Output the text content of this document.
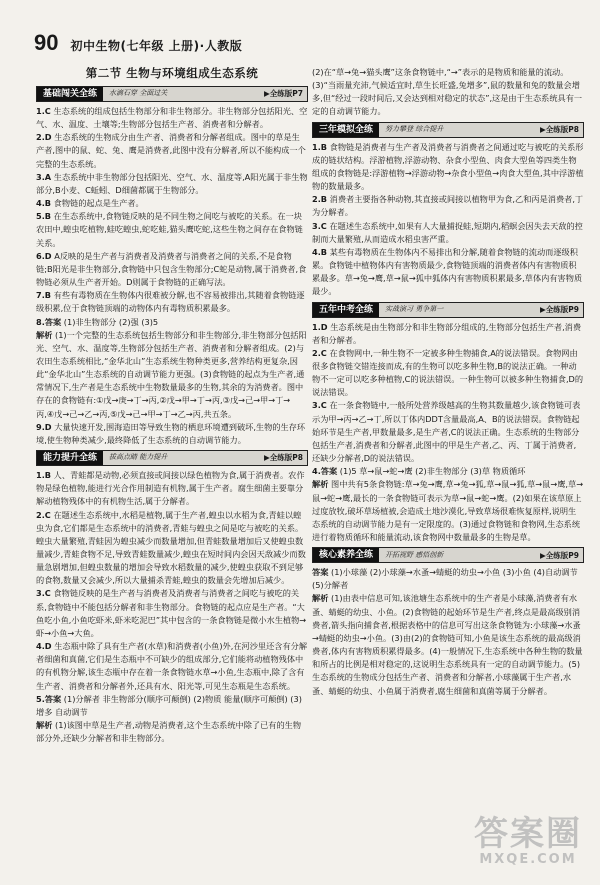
90 初中生物(七年级 上册)·人教版
第二节 生物与环境组成生态系统
基础闯关全练	水滴石穿 全面过关	▶全练版P7

1.C 生态系统的组成包括生物部分和非生物部分。非生物部分包括阳光、空气、水、温度、土壤等;生物部分包括生产者、消费者和分解者。

2.D 生态系统的生物成分由生产者、消费者和分解者组成。图中的草是生产者,图中的鼠、蛇、兔、鹰是消费者,此图中没有分解者,所以不能构成一个完整的生态系统。

3.A 生态系统中非生物部分包括阳光、空气、水、温度等,A阳光属于非生物部分,B小麦、C蚯蚓、D细菌都属于生物部分。

4.B 食物链的起点是生产者。

5.B 在生态系统中,食物链反映的是不同生物之间吃与被吃的关系。在一块农田中,蝗虫吃植物,蛙吃蝗虫,蛇吃蛙,猫头鹰吃蛇,这些生物之间存在食物链关系。

6.D A反映的是生产者与消费者及消费者与消费者之间的关系,不是食物链;B阳光是非生物部分,食物链中只包含生物部分;C蛇是动物,属于消费者,食物链必须从生产者开始。D则属于食物链的正确写法。

7.B 有些有毒物质在生物体内很难被分解,也不容易被排出,其随着食物链逐级积累,位于食物链顶端的动物体内有毒物质积累最多。

8.答案 (1)非生物部分 (2)强 (3)5

解析 (1)一个完整的生态系统包括生物部分和非生物部分,非生物部分包括阳光、空气、水、温度等,生物部分包括生产者、消费者和分解者组成。(2)与农田生态系统相比,“金华北山”生态系统生物种类更多,营养结构更复杂,因此“金华北山”生态系统的自动调节能力更强。(3)食物链的起点为生产者,通常情况下,生产者是生态系统中生物数量最多的生物,其余的为消费者。图中存在的食物链有:①戊→庚→丁→丙,②戊→甲→丁→丙,③戊→己→甲→丁→丙,④戊→己→乙→丙,⑤戊→己→甲→丁→乙→丙,共五条。

9.D 大量快速开发,围海造田等导致生物的栖息环境遭到破坏,生物的生存环境,使生物种类减少,最终降低了生态系统的自动调节能力。

能力提升全练	拔高点睛 能力提升	▶全练版P8

1.B 人、青蛙都是动物,必须直接或间接以绿色植物为食,属于消费者。农作物是绿色植物,能进行光合作用制造有机物,属于生产者。腐生细菌主要靠分解动植物残体中的有机物生活,属于分解者。

2.C 在题述生态系统中,水稻是植物,属于生产者,蝗虫以水稻为食,青蛙以蝗虫为食,它们都是生态系统中的消费者,青蛙与蝗虫之间是吃与被吃的关系。蝗虫大量繁殖,青蛙因为蝗虫减少而数量增加,但青蛙数量增加后又使蝗虫数量减少,青蛙食物不足,导致青蛙数量减少,蝗虫在短时间内会因天敌减少而数量急剧增加,但蝗虫数量的增加会导致水稻数量的减少,使蝗虫获取不到足够的食物,数量又会减少,所以大量捕杀青蛙,蝗虫的数量会先增加后减少。

3.C 食物链反映的是生产者与消费者及消费者与消费者之间吃与被吃的关系,食物链中不能包括分解者和非生物部分。食物链的起点应是生产者。“大鱼吃小鱼,小鱼吃虾米,虾米吃泥巴”其中包含的一条食物链是微小水生植物→虾→小鱼→大鱼。

4.D 生态瓶中除了具有生产者(水草)和消费者(小鱼)外,在河沙里还含有分解者细菌和真菌,它们是生态瓶中不可缺少的组成部分,它们能将动植物残体中的有机物分解,该生态瓶中存在着一条食物链水草→小鱼,生态瓶中,除了含有生产者、消费者和分解者外,还具有水、阳光等,可见生态瓶是生态系统。

5.答案 (1)分解者 非生物部分(顺序可颠倒) (2)物质 能量(顺序可颠倒) (3)增多 自动调节

解析 (1)该图中草是生产者,动物是消费者,这个生态系统中除了已有的生物部分外,还缺少分解者和非生物部分。

(2)在“草→兔→猫头鹰”这条食物链中,“→”表示的是物质和能量的流动。(3)“当雨量充沛,气候适宜时,草生长旺盛,兔增多”,鼠的数量和兔的数量会增多,但“经过一段时间后,又会达到相对稳定的状态”,这是由于生态系统具有一定的自动调节能力。

三年模拟全练	努力攀登 综合提升	▶全练版P8

1.B 食物链是消费者与生产者及消费者与消费者之间通过吃与被吃的关系形成的链状结构。浮游植物,浮游动物、杂食小型鱼、肉食大型鱼等四类生物组成的食物链是:浮游植物→浮游动物→杂食小型鱼→肉食大型鱼,其中浮游植物的数量最多。

2.B 消费者主要指各种动物,其直接或间接以植物甲为食,乙和丙是消费者,丁为分解者。

3.C 在题述生态系统中,如果有人大量捕捉蛙,短期内,稻螟会因失去天敌的控制而大量繁殖,从而造成水稻虫害严重。

4.B 某些有毒物质在生物体内不易排出和分解,随着食物链的流动而逐级积累。食物链中植物体内有害物质最少,食物链顶端的消费者体内有害物质积累最多。草→兔→鹰,草→鼠→狐中狐体内有害物质积累最多,草体内有害物质最少。

五年中考全练	实战演习 勇争第一	▶全练版P9

1.D 生态系统是由生物部分和非生物部分组成的,生物部分包括生产者,消费者和分解者。

2.C 在食物网中,一种生物不一定被多种生物捕食,A的说法错误。食物网由很多食物链交错连接而成,有的生物可以吃多种生物,B的说法正确。一种动物不一定可以吃多种植物,C的说法错误。一种生物可以被多种生物捕食,D的说法错误。

3.C 在一条食物链中,一般所处营养级越高的生物其数量越少,该食物链可表示为甲→丙→乙→丁,所以丁体内DDT含量最高,A、B的说法错误。食物链起始环节是生产者,甲数量最多,是生产者,C的说法正确。生态系统的生物部分包括生产者,消费者和分解者,此图中的甲是生产者,乙、丙、丁属于消费者,还缺少分解者,D的说法错误。

4.答案 (1)5 草→鼠→蛇→鹰 (2)非生物部分 (3)草 物质循环

解析 图中共有5条食物链:草→兔→鹰,草→兔→狐,草→鼠→狐,草→鼠→鹰,草→鼠→蛇→鹰,最长的一条食物链可表示为草→鼠→蛇→鹰。(2)如果在该草原上过度放牧,破坏草场植被,会造成土地沙漠化,导致草场很难恢复原样,说明生态系统的自动调节能力是有一定限度的。(3)通过食物链和食物网,生态系统进行着物质循环和能量流动,该食物网中数量最多的生物是草。

核心素养全练	开拓视野 感悟创新	▶全练版P9

答案 (1)小球藻 (2)小球藻→水蚤→蜻蜓的幼虫→小鱼 (3)小鱼 (4)自动调节 (5)分解者

解析 (1)由表中信息可知,该池塘生态系统中的生产者是小球藻,消费者有水蚤、蜻蜓的幼虫、小鱼。(2)食物链的起始环节是生产者,终点是最高级别消费者,箭头指向捕食者,根据表格中的信息可写出这条食物链为:小球藻→水蚤→蜻蜓的幼虫→小鱼。(3)由(2)的食物链可知,小鱼是该生态系统的最高级消费者,体内有害物质积累得最多。(4)一般情况下,生态系统中各种生物的数量和所占的比例是相对稳定的,这说明生态系统具有一定的自动调节能力。(5)生态系统的生物成分包括生产者、消费者和分解者,小球藻属于生产者,水蚤、蜻蜓的幼虫、小鱼属于消费者,腐生细菌和真菌等属于分解者。

答案圈
MXQE.COM
